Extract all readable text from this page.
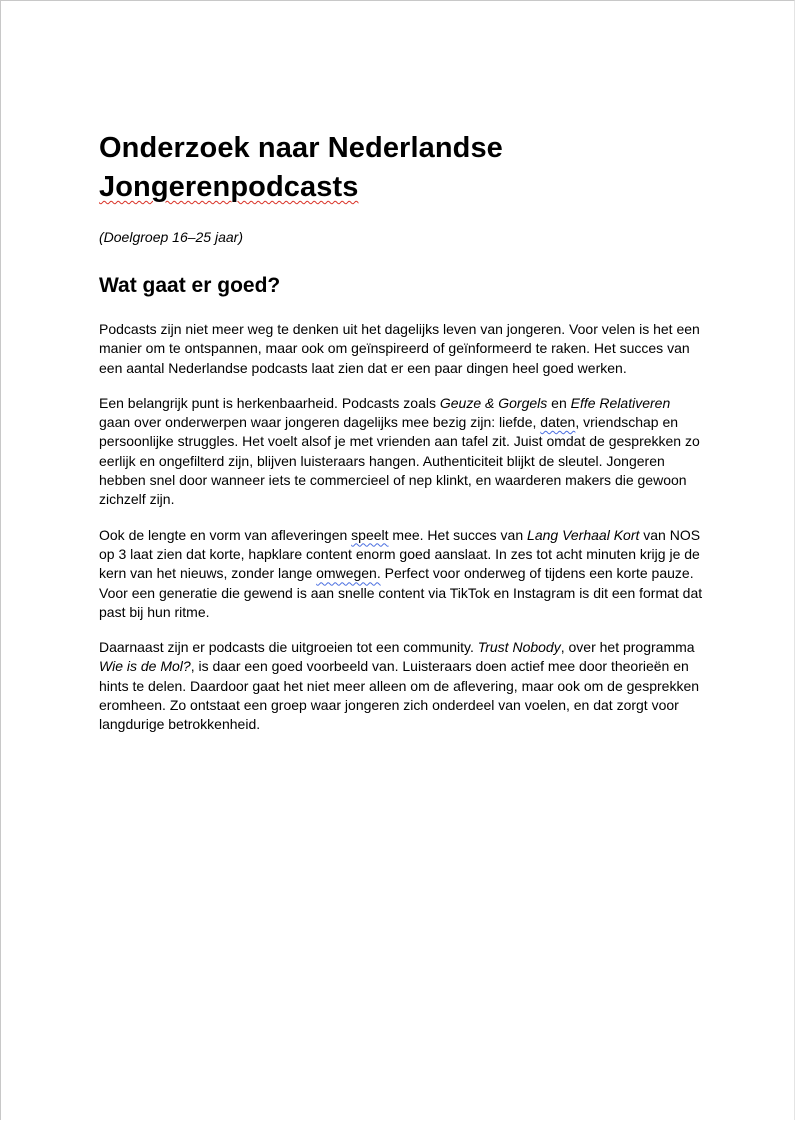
Onderzoek naar Nederlandse
Jongerenpodcasts

(Doelgroep 16–25 jaar)

Wat gaat er goed?

Podcasts zijn niet meer weg te denken uit het dagelijks leven van jongeren. Voor velen is het een manier om te ontspannen, maar ook om geïnspireerd of geïnformeerd te raken. Het succes van een aantal Nederlandse podcasts laat zien dat er een paar dingen heel goed werken.

Een belangrijk punt is herkenbaarheid. Podcasts zoals Geuze & Gorgels en Effe Relativeren gaan over onderwerpen waar jongeren dagelijks mee bezig zijn: liefde, daten, vriendschap en persoonlijke struggles. Het voelt alsof je met vrienden aan tafel zit. Juist omdat de gesprekken zo eerlijk en ongefilterd zijn, blijven luisteraars hangen. Authenticiteit blijkt de sleutel. Jongeren hebben snel door wanneer iets te commercieel of nep klinkt, en waarderen makers die gewoon zichzelf zijn.

Ook de lengte en vorm van afleveringen speelt mee. Het succes van Lang Verhaal Kort van NOS op 3 laat zien dat korte, hapklare content enorm goed aanslaat. In zes tot acht minuten krijg je de kern van het nieuws, zonder lange omwegen. Perfect voor onderweg of tijdens een korte pauze. Voor een generatie die gewend is aan snelle content via TikTok en Instagram is dit een format dat past bij hun ritme.

Daarnaast zijn er podcasts die uitgroeien tot een community. Trust Nobody, over het programma Wie is de Mol?, is daar een goed voorbeeld van. Luisteraars doen actief mee door theorieën en hints te delen. Daardoor gaat het niet meer alleen om de aflevering, maar ook om de gesprekken eromheen. Zo ontstaat een groep waar jongeren zich onderdeel van voelen, en dat zorgt voor langdurige betrokkenheid.
